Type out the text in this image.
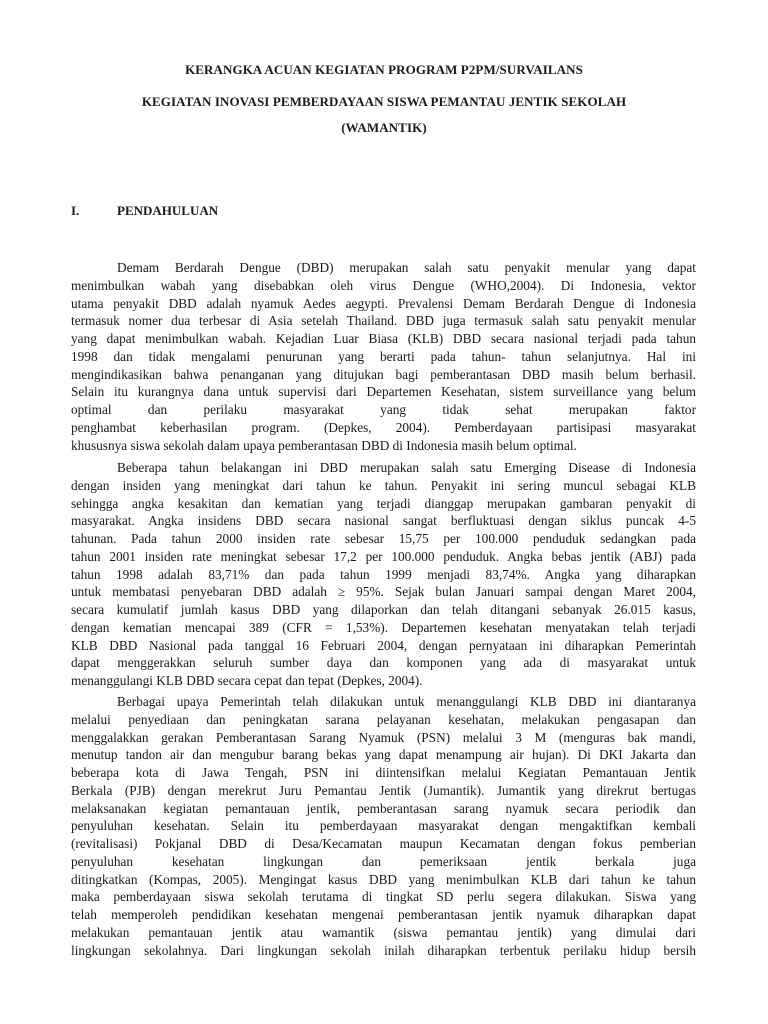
KERANGKA ACUAN KEGIATAN PROGRAM P2PM/SURVAILANS
KEGIATAN INOVASI PEMBERDAYAAN SISWA PEMANTAU JENTIK SEKOLAH
(WAMANTIK)
I.	PENDAHULUAN
Demam Berdarah Dengue (DBD) merupakan salah satu penyakit menular yang dapat
menimbulkan wabah yang disebabkan oleh virus Dengue (WHO,2004). Di Indonesia, vektor
utama penyakit DBD adalah nyamuk Aedes aegypti. Prevalensi Demam Berdarah Dengue di Indonesia
termasuk nomer dua terbesar di Asia setelah Thailand. DBD juga termasuk salah satu penyakit menular
yang dapat menimbulkan wabah. Kejadian Luar Biasa (KLB) DBD secara nasional terjadi pada tahun
1998 dan tidak mengalami penurunan yang berarti pada tahun- tahun selanjutnya. Hal ini
mengindikasikan bahwa penanganan yang ditujukan bagi pemberantasan DBD masih belum berhasil.
Selain itu kurangnya dana untuk supervisi dari Departemen Kesehatan, sistem surveillance yang belum
optimal dan perilaku masyarakat yang tidak sehat merupakan faktor
penghambat keberhasilan program. (Depkes, 2004). Pemberdayaan partisipasi masyarakat
khususnya siswa sekolah dalam upaya pemberantasan DBD di Indonesia masih belum optimal.
Beberapa tahun belakangan ini DBD merupakan salah satu Emerging Disease di Indonesia
dengan insiden yang meningkat dari tahun ke tahun. Penyakit ini sering muncul sebagai KLB
sehingga angka kesakitan dan kematian yang terjadi dianggap merupakan gambaran penyakit di
masyarakat. Angka insidens DBD secara nasional sangat berfluktuasi dengan siklus puncak 4-5
tahunan. Pada tahun 2000 insiden rate sebesar 15,75 per 100.000 penduduk sedangkan pada
tahun 2001 insiden rate meningkat sebesar 17,2 per 100.000 penduduk. Angka bebas jentik (ABJ) pada
tahun 1998 adalah 83,71% dan pada tahun 1999 menjadi 83,74%. Angka yang diharapkan
untuk membatasi penyebaran DBD adalah ≥ 95%. Sejak bulan Januari sampai dengan Maret 2004,
secara kumulatif jumlah kasus DBD yang dilaporkan dan telah ditangani sebanyak 26.015 kasus,
dengan kematian mencapai 389 (CFR = 1,53%). Departemen kesehatan menyatakan telah terjadi
KLB DBD Nasional pada tanggal 16 Februari 2004, dengan pernyataan ini diharapkan Pemerintah
dapat menggerakkan seluruh sumber daya dan komponen yang ada di masyarakat untuk
menanggulangi KLB DBD secara cepat dan tepat (Depkes, 2004).
Berbagai upaya Pemerintah telah dilakukan untuk menanggulangi KLB DBD ini diantaranya
melalui penyediaan dan peningkatan sarana pelayanan kesehatan, melakukan pengasapan dan
menggalakkan gerakan Pemberantasan Sarang Nyamuk (PSN) melalui 3 M (menguras bak mandi,
menutup tandon air dan mengubur barang bekas yang dapat menampung air hujan). Di DKI Jakarta dan
beberapa kota di Jawa Tengah, PSN ini diintensifkan melalui Kegiatan Pemantauan Jentik
Berkala (PJB) dengan merekrut Juru Pemantau Jentik (Jumantik). Jumantik yang direkrut bertugas
melaksanakan kegiatan pemantauan jentik, pemberantasan sarang nyamuk secara periodik dan
penyuluhan kesehatan. Selain itu pemberdayaan masyarakat dengan mengaktifkan kembali
(revitalisasi) Pokjanal DBD di Desa/Kecamatan maupun Kecamatan dengan fokus pemberian
penyuluhan kesehatan lingkungan dan pemeriksaan jentik berkala juga
ditingkatkan (Kompas, 2005). Mengingat kasus DBD yang menimbulkan KLB dari tahun ke tahun
maka pemberdayaan siswa sekolah terutama di tingkat SD perlu segera dilakukan. Siswa yang
telah memperoleh pendidikan kesehatan mengenai pemberantasan jentik nyamuk diharapkan dapat
melakukan pemantauan jentik atau wamantik (siswa pemantau jentik) yang dimulai dari
lingkungan sekolahnya. Dari lingkungan sekolah inilah diharapkan terbentuk perilaku hidup bersih
